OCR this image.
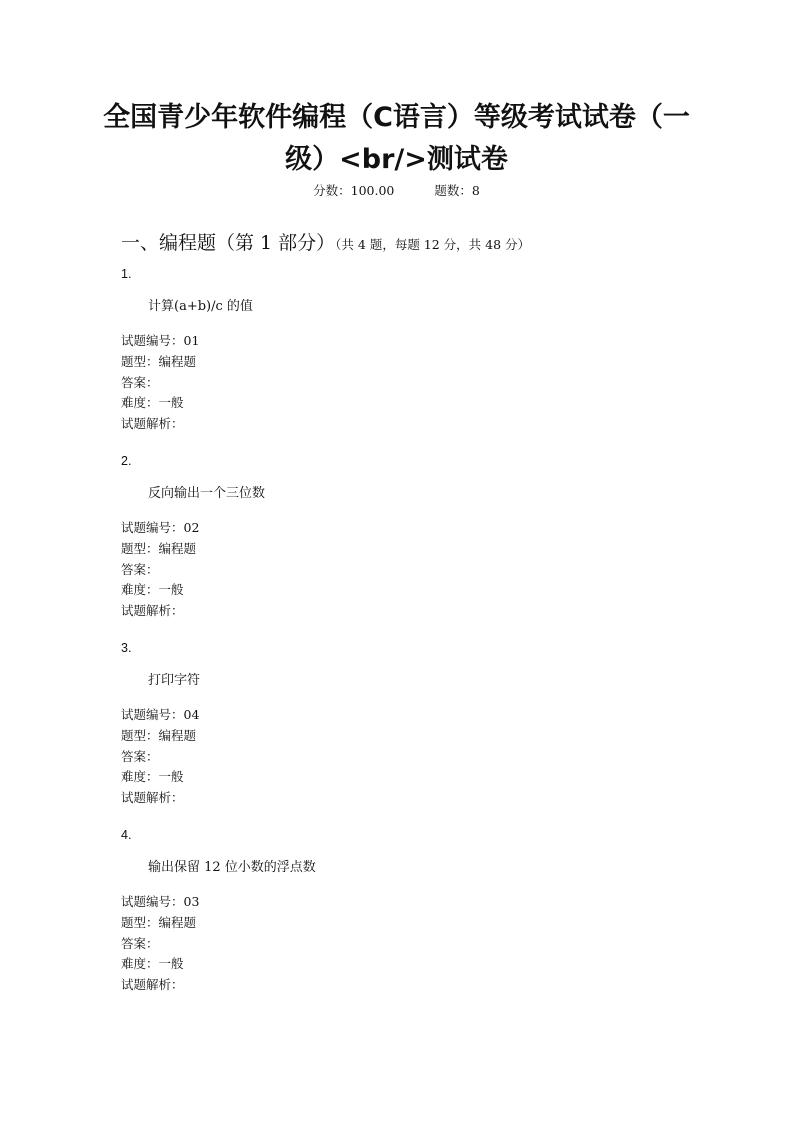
全国青少年软件编程（C语言）等级考试试卷（一
级）<br/>测试卷
分数：100.00	题数：8
一、编程题（第 1 部分）（共 4 题，每题 12 分，共 48 分）

1.

计算(a+b)/c 的值

试题编号：01
题型：编程题
答案：
难度：一般
试题解析：

2.

反向输出一个三位数

试题编号：02
题型：编程题
答案：
难度：一般
试题解析：

3.

打印字符

试题编号：04
题型：编程题
答案：
难度：一般
试题解析：

4.

输出保留 12 位小数的浮点数

试题编号：03
题型：编程题
答案：
难度：一般
试题解析：
